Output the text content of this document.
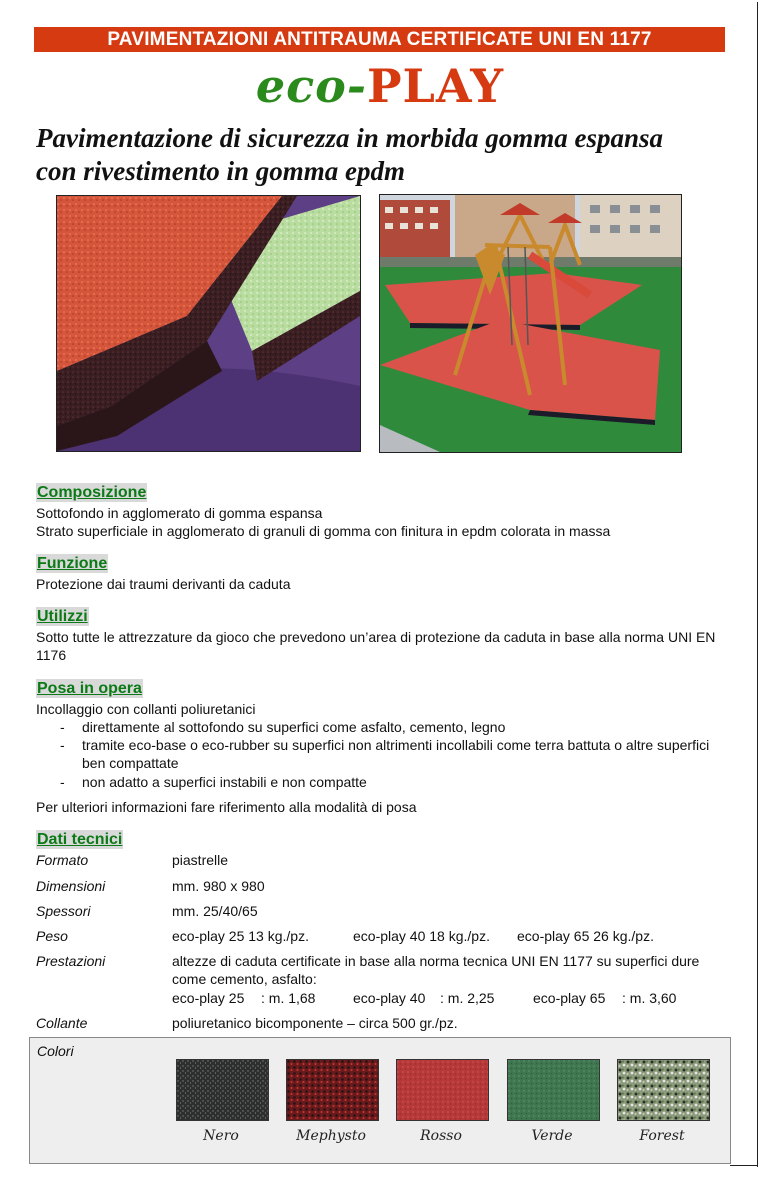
PAVIMENTAZIONI ANTITRAUMA CERTIFICATE UNI EN 1177
eco-PLAY
Pavimentazione di sicurezza in morbida gomma espansa
con rivestimento in gomma epdm
Composizione
Sottofondo in agglomerato di gomma espansa
Strato superficiale in agglomerato di granuli di gomma con finitura in epdm colorata in massa
Funzione
Protezione dai traumi derivanti da caduta
Utilizzi
Sotto tutte le attrezzature da gioco che prevedono un’area di protezione da caduta in base alla norma UNI EN
1176
Posa in opera
Incollaggio con collanti poliuretanici
- direttamente al sottofondo su superfici come asfalto, cemento, legno
- tramite eco-base o eco-rubber su superfici non altrimenti incollabili come terra battuta o altre superfici ben compattate
- non adatto a superfici instabili e non compatte
Per ulteriori informazioni fare riferimento alla modalità di posa
Dati tecnici
Formato	piastrelle
Dimensioni	mm. 980 x 980
Spessori	mm. 25/40/65
Peso	eco-play 25 13 kg./pz.	eco-play 40 18 kg./pz. eco-play 65 26 kg./pz.
Prestazioni	altezze di caduta certificate in base alla norma tecnica UNI EN 1177 su superfici dure come cemento, asfalto:
eco-play 25 : m. 1,68	eco-play 40 : m. 2,25	eco-play 65 : m. 3,60
Collante	poliuretanico bicomponente – circa 500 gr./pz.
Colori
Nero	Mephysto	Rosso	Verde	Forest
